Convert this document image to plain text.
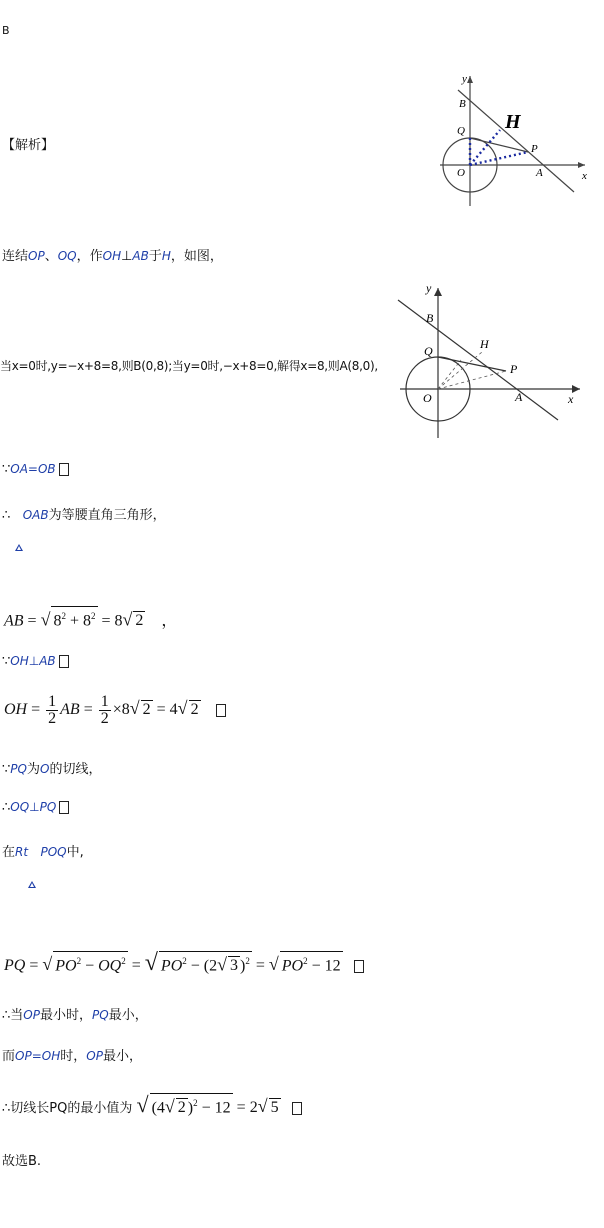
B
【解析】
y
x
B
H
Q
O
P
A
连结OP、OQ，作OH⊥AB于H，如图，
y
x
B
H
Q
O
P
A
当x=0时,y=−x+8=8,则B(0,8);当y=0时,−x+8=0,解得x=8,则A(8,0),
∵OA=OB
∴ OAB为等腰直角三角形，
AB = √ $8^2 + 8^2 = 8√$ 2 ，
∵OH⊥AB
OH = $\frac{1}{2}$ AB = $\frac{1}{2} \times 8√$ 2 = 4√ 2
∵PQ为O的切线，
∴OQ⊥PQ
在Rt POQ中,
PQ = √ $PO^2 - OQ^2$ = √ $PO^2 - (2√$ 3 )$^2$ = √ $PO^2 - 12$
∴当OP最小时，PQ最小，
而OP=OH时，OP最小，
∴切线长PQ的最小值为 √ (4√ 2 )$^2$ − 12 = 2√ 5
故选B.
